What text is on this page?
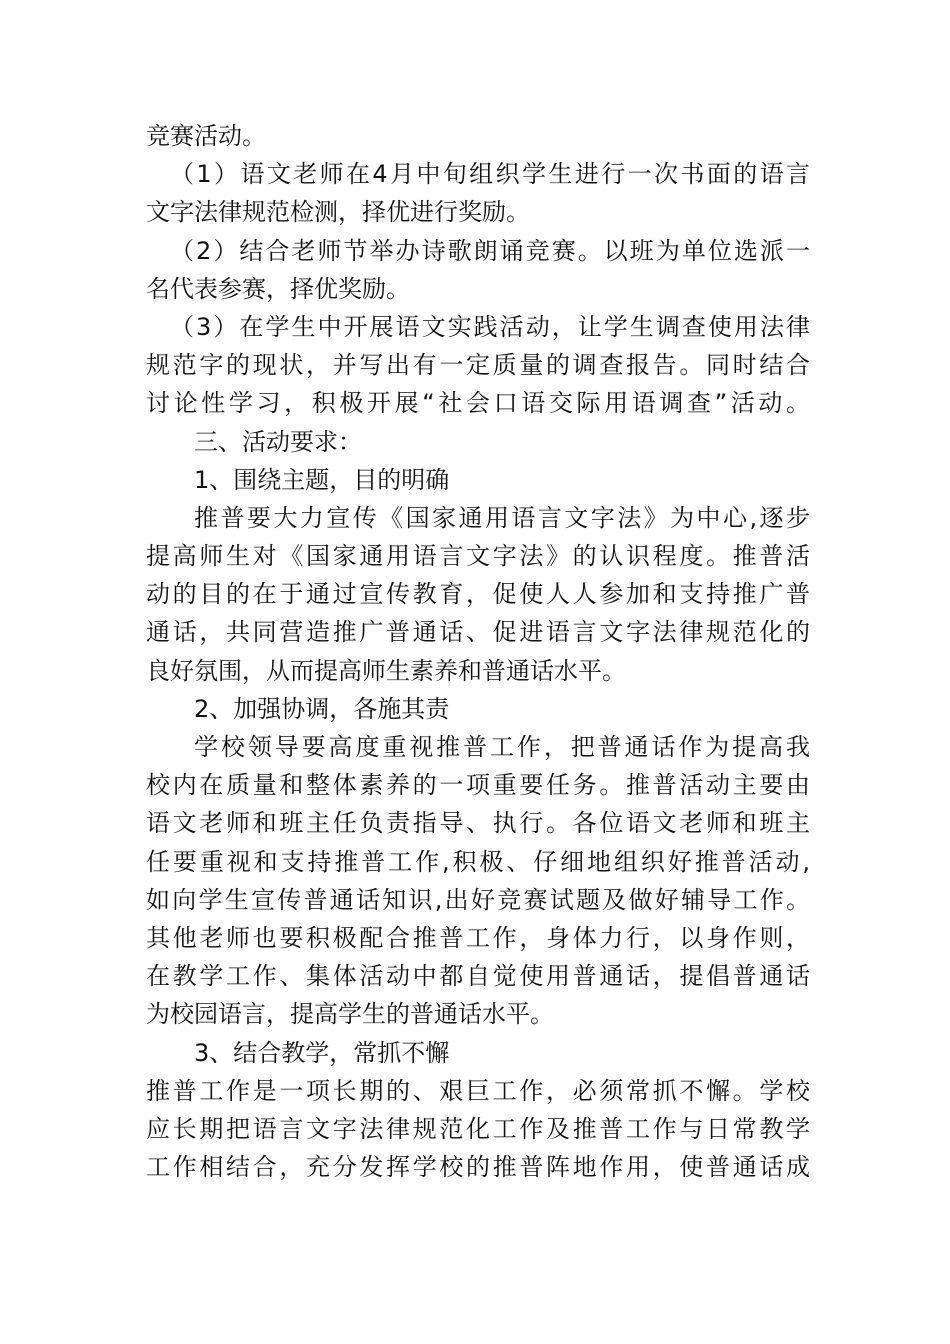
竞赛活动。
（1）语文老师在4月中旬组织学生进行一次书面的语言
文字法律规范检测，择优进行奖励。
（2）结合老师节举办诗歌朗诵竞赛。以班为单位选派一
名代表参赛，择优奖励。
（3）在学生中开展语文实践活动，让学生调查使用法律
规范字的现状，并写出有一定质量的调查报告。同时结合
讨论性学习，积极开展“社会口语交际用语调查”活动。
三、活动要求：
1、围绕主题，目的明确
推普要大力宣传《国家通用语言文字法》为中心,逐步
提高师生对《国家通用语言文字法》的认识程度。推普活
动的目的在于通过宣传教育，促使人人参加和支持推广普
通话，共同营造推广普通话、促进语言文字法律规范化的
良好氛围，从而提高师生素养和普通话水平。
2、加强协调，各施其责
学校领导要高度重视推普工作，把普通话作为提高我
校内在质量和整体素养的一项重要任务。推普活动主要由
语文老师和班主任负责指导、执行。各位语文老师和班主
任要重视和支持推普工作,积极、仔细地组织好推普活动,
如向学生宣传普通话知识,出好竞赛试题及做好辅导工作。
其他老师也要积极配合推普工作，身体力行，以身作则，
在教学工作、集体活动中都自觉使用普通话，提倡普通话
为校园语言，提高学生的普通话水平。
3、结合教学，常抓不懈
推普工作是一项长期的、艰巨工作，必须常抓不懈。学校
应长期把语言文字法律规范化工作及推普工作与日常教学
工作相结合，充分发挥学校的推普阵地作用，使普通话成
